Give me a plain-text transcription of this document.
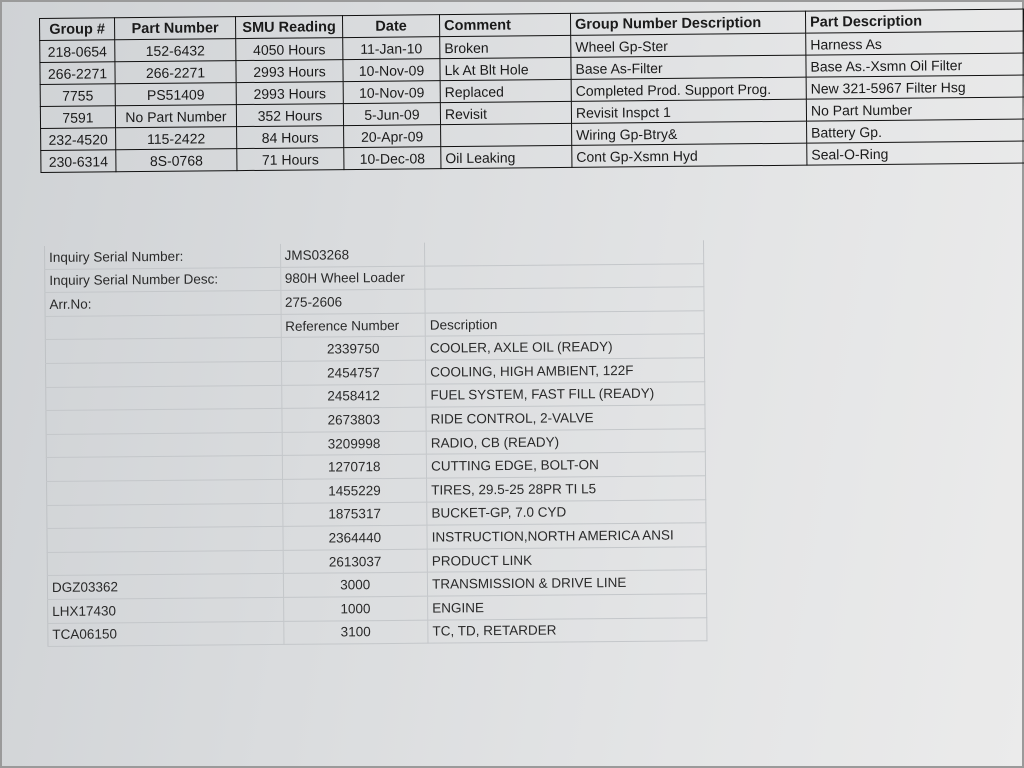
Group #	Part Number	SMU Reading	Date	Comment	Group Number Description	Part Description
218-0654	152-6432	4050 Hours	11-Jan-10	Broken	Wheel Gp-Ster	Harness As
266-2271	266-2271	2993 Hours	10-Nov-09	Lk At Blt Hole	Base As-Filter	Base As.-Xsmn Oil Filter
7755	PS51409	2993 Hours	10-Nov-09	Replaced	Completed Prod. Support Prog.	New 321-5967 Filter Hsg
7591	No Part Number	352 Hours	5-Jun-09	Revisit	Revisit Inspct 1	No Part Number
232-4520	115-2422	84 Hours	20-Apr-09		Wiring Gp-Btry&	Battery Gp.
230-6314	8S-0768	71 Hours	10-Dec-08	Oil Leaking	Cont Gp-Xsmn Hyd	Seal-O-Ring
Inquiry Serial Number:	JMS03268	
Inquiry Serial Number Desc:	980H Wheel Loader	
Arr.No:	275-2606	
	Reference Number	Description
	2339750	COOLER, AXLE OIL (READY)
	2454757	COOLING, HIGH AMBIENT, 122F
	2458412	FUEL SYSTEM, FAST FILL (READY)
	2673803	RIDE CONTROL, 2-VALVE
	3209998	RADIO, CB (READY)
	1270718	CUTTING EDGE, BOLT-ON
	1455229	TIRES, 29.5-25 28PR TI L5
	1875317	BUCKET-GP, 7.0 CYD
	2364440	INSTRUCTION,NORTH AMERICA ANSI
	2613037	PRODUCT LINK
DGZ03362	3000	TRANSMISSION & DRIVE LINE
LHX17430	1000	ENGINE
TCA06150	3100	TC, TD, RETARDER
